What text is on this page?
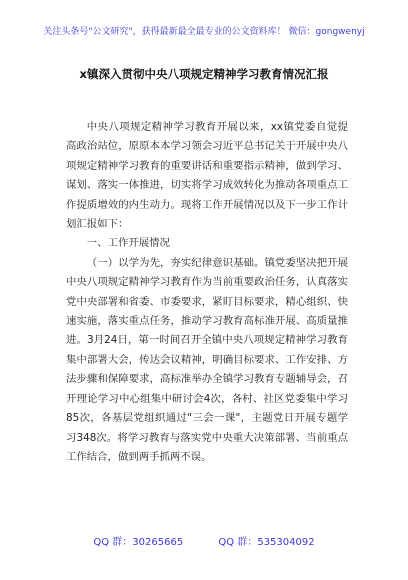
关注头条号"公文研究"，获得最新最全最专业的公文资料库！ 微信：gongwenyj
x镇深入贯彻中央八项规定精神学习教育情况汇报

中央八项规定精神学习教育开展以来，xx镇党委自觉提高政治站位，原原本本学习领会习近平总书记关于开展中央八项规定精神学习教育的重要讲话和重要指示精神，做到学习、谋划、落实一体推进，切实将学习成效转化为推动各项重点工作提质增效的内生动力。现将工作开展情况以及下一步工作计划汇报如下：

一、工作开展情况

（一）以学为先，夯实纪律意识基础。镇党委坚决把开展中央八项规定精神学习教育作为当前重要政治任务，认真落实党中央部署和省委、市委要求，紧盯目标要求，精心组织、快速实施，落实重点任务，推动学习教育高标准开展、高质量推进。3月24日，第一时间召开全镇中央八项规定精神学习教育集中部署大会，传达会议精神，明确目标要求、工作安排、方法步骤和保障要求，高标准举办全镇学习教育专题辅导会，召开理论学习中心组集中研讨会4次，各村、社区党委集中学习85次，各基层党组织通过"三会一课"，主题党日开展专题学习348次。将学习教育与落实党中央重大决策部署、当前重点工作结合，做到两手抓两不误。

QQ 群：30265665	QQ 群：535304092
